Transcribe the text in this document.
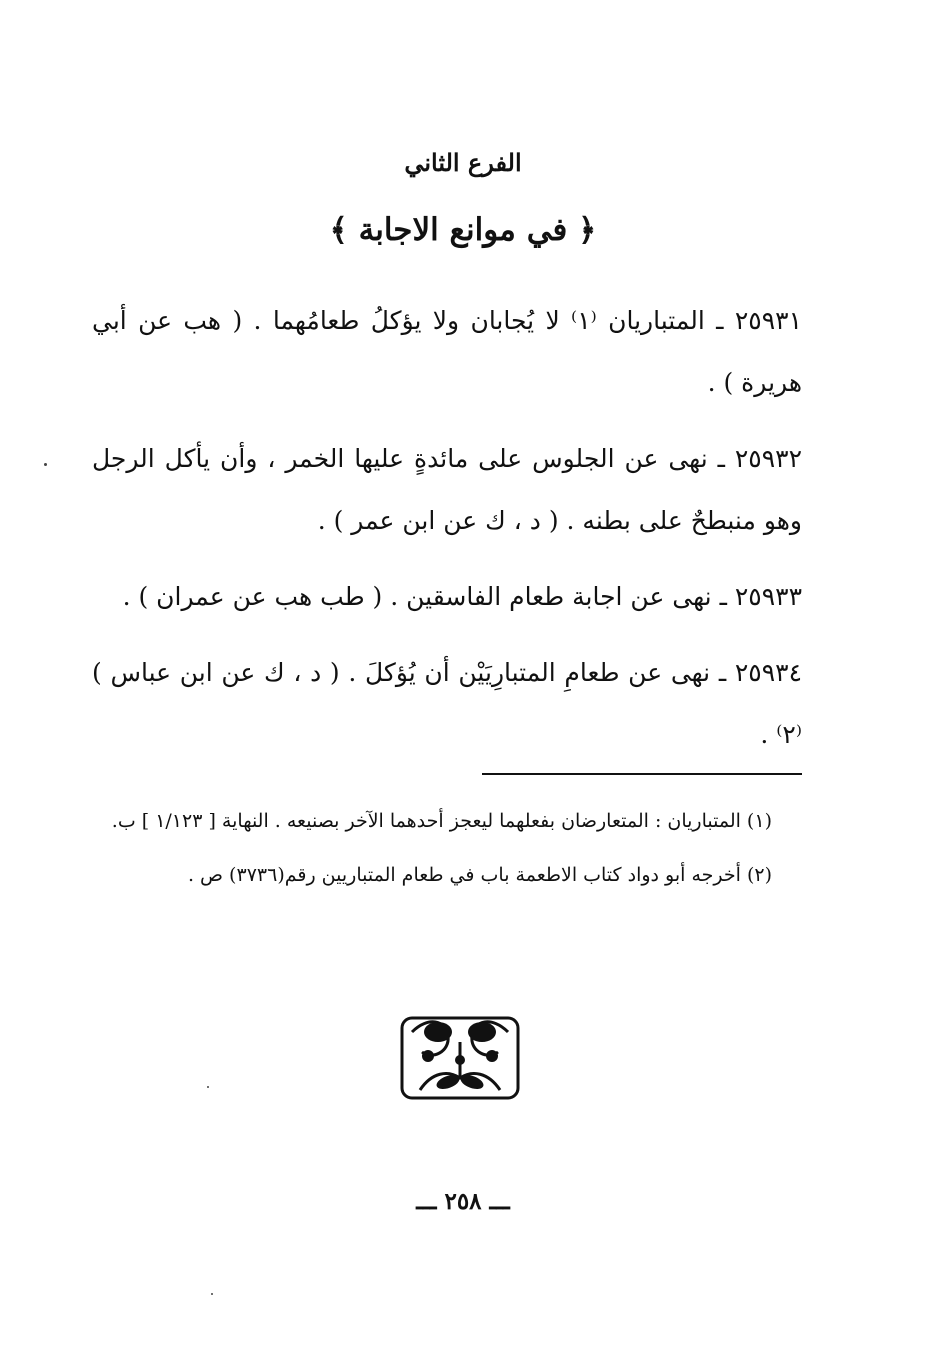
الفرع الثاني
﴿ في موانع الاجابة ﴾

٢٥٩٣١ ـ المتباريان ⁽١⁾ لا يُجابان ولا يؤكلُ طعامُهما . ( هب عن أبي هريرة ) .

٢٥٩٣٢ ـ نهى عن الجلوس على مائدةٍ عليها الخمر ، وأن يأكل الرجل وهو منبطحٌ على بطنه . ( د ، ك عن ابن عمر ) .

٢٥٩٣٣ ـ نهى عن اجابة طعام الفاسقين . ( طب هب عن عمران ) .

٢٥٩٣٤ ـ نهى عن طعامِ المتبارِيَيْن أن يُؤكلَ . ( د ، ك عن ابن عباس ) ⁽٢⁾ .

(١) المتباريان : المتعارضان بفعلهما ليعجز أحدهما الآخر بصنيعه . النهاية [ ١/١٢٣ ] ب.

(٢) أخرجه أبو دواد كتاب الاطعمة باب في طعام المتباريين رقم(٣٧٣٦) ص .

ـــ ٢٥٨ ـــ
